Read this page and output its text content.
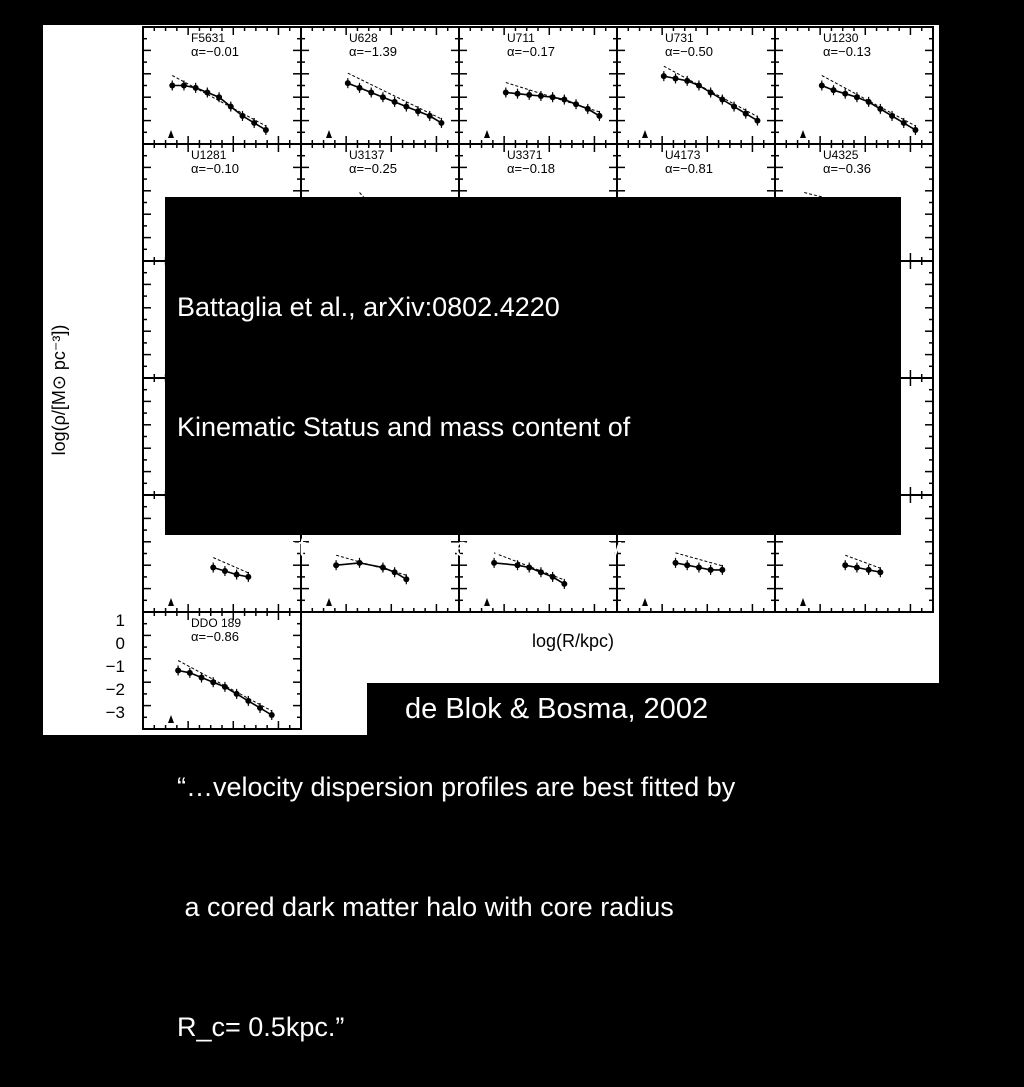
F5631
α=−0.01
U628
α=−1.39
U711
α=−0.17
U731
α=−0.50
U1230
α=−0.13
U1281
α=−0.10
U3137
α=−0.25
U3371
α=−0.18
U4173
α=−0.81
U4325
α=−0.36
DDO 189
α=−0.86
1
0
−1
−2
−3
−1 0 1
log(R/kpc)
log(ρ/[M⊙ pc⁻³])

Battaglia et al., arXiv:0802.4220

Kinematic Status and mass content of

The Sculptor dwarf spheroidal galaxy

“…velocity dispersion profiles are best fitted by

a cored dark matter halo with core radius

R_c= 0.5kpc.”

de Blok & Bosma, 2002
